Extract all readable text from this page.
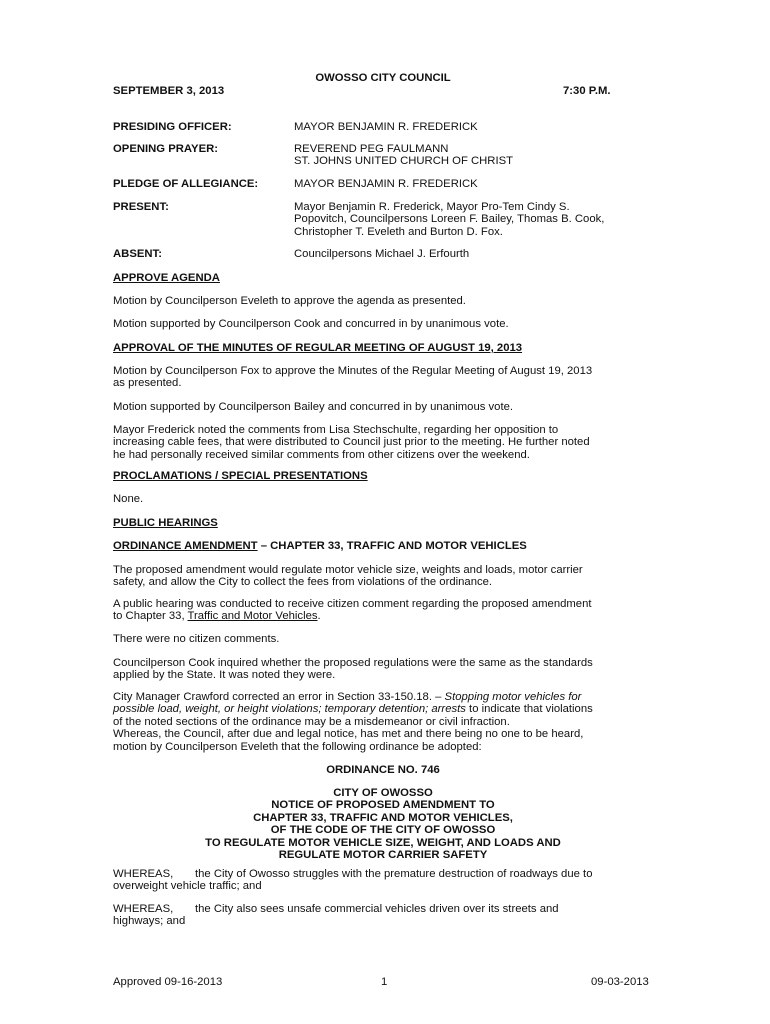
OWOSSO CITY COUNCIL
SEPTEMBER 3, 2013	7:30 P.M.
PRESIDING OFFICER:	MAYOR BENJAMIN R. FREDERICK
OPENING PRAYER:	REVEREND PEG FAULMANN
ST. JOHNS UNITED CHURCH OF CHRIST
PLEDGE OF ALLEGIANCE:	MAYOR BENJAMIN R. FREDERICK
PRESENT:	Mayor Benjamin R. Frederick, Mayor Pro-Tem Cindy S.
Popovitch, Councilpersons Loreen F. Bailey, Thomas B. Cook,
Christopher T. Eveleth and Burton D. Fox.
ABSENT:	Councilpersons Michael J. Erfourth
APPROVE AGENDA
Motion by Councilperson Eveleth to approve the agenda as presented.
Motion supported by Councilperson Cook and concurred in by unanimous vote.
APPROVAL OF THE MINUTES OF REGULAR MEETING OF AUGUST 19, 2013
Motion by Councilperson Fox to approve the Minutes of the Regular Meeting of August 19, 2013
as presented.
Motion supported by Councilperson Bailey and concurred in by unanimous vote.
Mayor Frederick noted the comments from Lisa Stechschulte, regarding her opposition to
increasing cable fees, that were distributed to Council just prior to the meeting. He further noted
he had personally received similar comments from other citizens over the weekend.
PROCLAMATIONS / SPECIAL PRESENTATIONS
None.
PUBLIC HEARINGS
ORDINANCE AMENDMENT – CHAPTER 33, TRAFFIC AND MOTOR VEHICLES
The proposed amendment would regulate motor vehicle size, weights and loads, motor carrier
safety, and allow the City to collect the fees from violations of the ordinance.
A public hearing was conducted to receive citizen comment regarding the proposed amendment
to Chapter 33, Traffic and Motor Vehicles.
There were no citizen comments.
Councilperson Cook inquired whether the proposed regulations were the same as the standards
applied by the State. It was noted they were.
City Manager Crawford corrected an error in Section 33-150.18. – Stopping motor vehicles for
possible load, weight, or height violations; temporary detention; arrests to indicate that violations
of the noted sections of the ordinance may be a misdemeanor or civil infraction.
Whereas, the Council, after due and legal notice, has met and there being no one to be heard,
motion by Councilperson Eveleth that the following ordinance be adopted:
ORDINANCE NO. 746
CITY OF OWOSSO
NOTICE OF PROPOSED AMENDMENT TO
CHAPTER 33, TRAFFIC AND MOTOR VEHICLES,
OF THE CODE OF THE CITY OF OWOSSO
TO REGULATE MOTOR VEHICLE SIZE, WEIGHT, AND LOADS AND
REGULATE MOTOR CARRIER SAFETY
WHEREAS, the City of Owosso struggles with the premature destruction of roadways due to
overweight vehicle traffic; and
WHEREAS, the City also sees unsafe commercial vehicles driven over its streets and
highways; and
Approved 09-16-2013	1	09-03-2013
